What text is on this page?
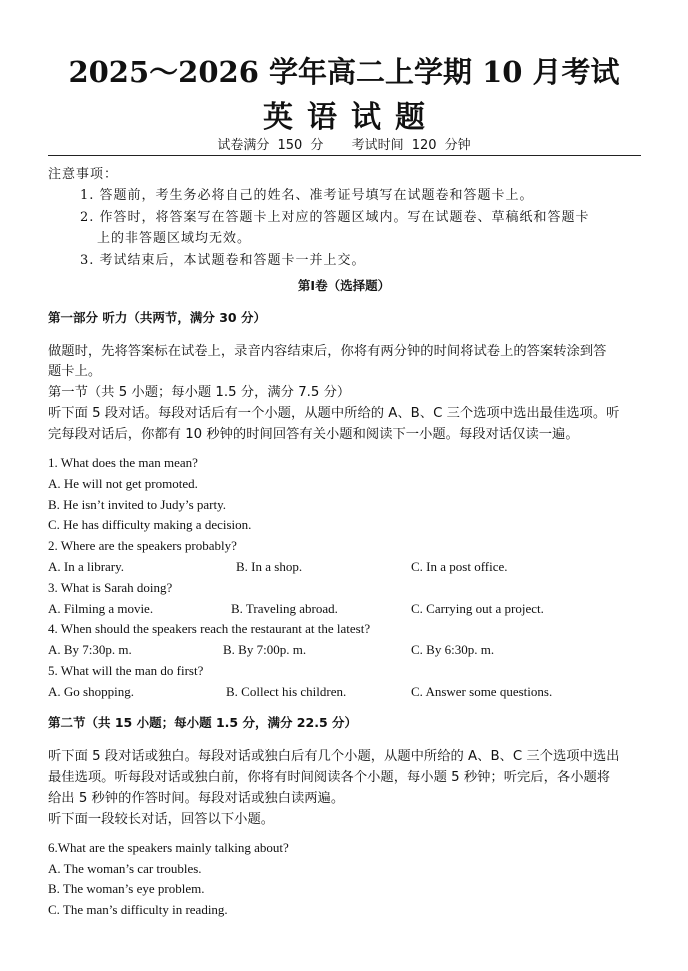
2025～2026 学年高二上学期 10 月考试
英语试题
试卷满分 150 分 考试时间 120 分钟
注意事项：
1. 答题前，考生务必将自己的姓名、准考证号填写在试题卷和答题卡上。
2. 作答时，将答案写在答题卡上对应的答题区域内。写在试题卷、草稿纸和答题卡
上的非答题区域均无效。
3. 考试结束后，本试题卷和答题卡一并上交。
第Ⅰ卷（选择题）
第一部分 听力（共两节，满分 30 分）
做题时，先将答案标在试卷上，录音内容结束后，你将有两分钟的时间将试卷上的答案转涂到答
题卡上。
第一节（共 5 小题；每小题 1.5 分，满分 7.5 分）
听下面 5 段对话。每段对话后有一个小题，从题中所给的 A、B、C 三个选项中选出最佳选项。听
完每段对话后，你都有 10 秒钟的时间回答有关小题和阅读下一小题。每段对话仅读一遍。
1. What does the man mean?
A. He will not get promoted.
B. He isn’t invited to Judy’s party.
C. He has difficulty making a decision.
2. Where are the speakers probably?
A. In a library.	B. In a shop.	C. In a post office.
3. What is Sarah doing?
A. Filming a movie.	B. Traveling abroad.	C. Carrying out a project.
4. When should the speakers reach the restaurant at the latest?
A. By 7:30p. m.	B. By 7:00p. m.	C. By 6:30p. m.
5. What will the man do first?
A. Go shopping.	B. Collect his children.	C. Answer some questions.
第二节（共 15 小题；每小题 1.5 分，满分 22.5 分）
听下面 5 段对话或独白。每段对话或独白后有几个小题，从题中所给的 A、B、C 三个选项中选出
最佳选项。听每段对话或独白前，你将有时间阅读各个小题，每小题 5 秒钟；听完后，各小题将
给出 5 秒钟的作答时间。每段对话或独白读两遍。
听下面一段较长对话，回答以下小题。
6.What are the speakers mainly talking about?
A. The woman’s car troubles.
B. The woman’s eye problem.
C. The man’s difficulty in reading.
